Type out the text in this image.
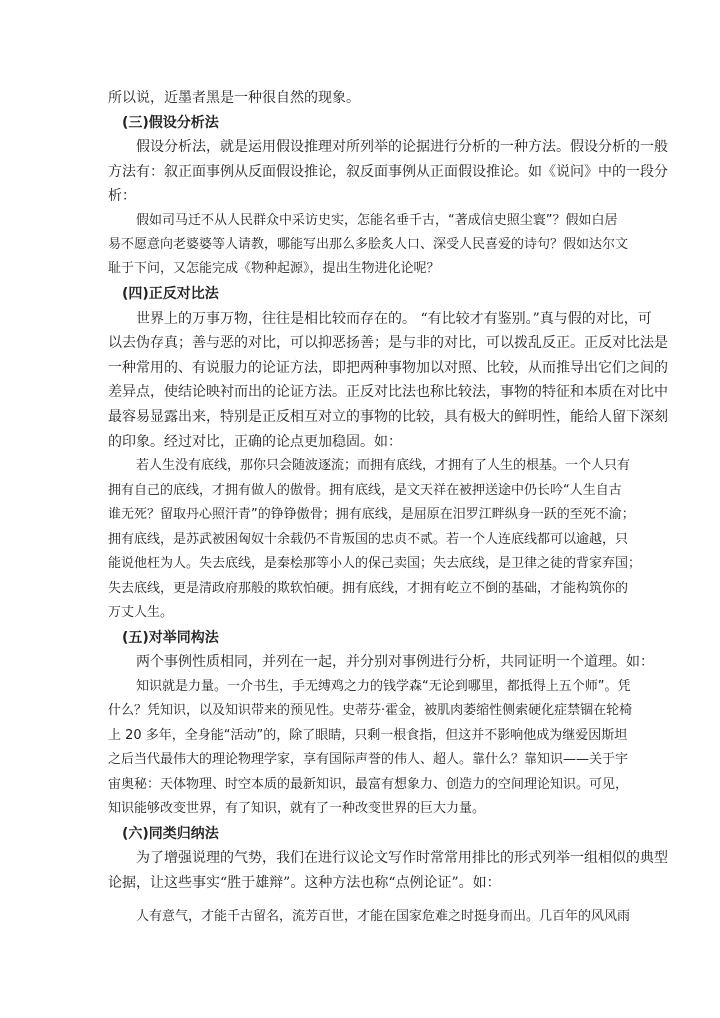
所以说，近墨者黑是一种很自然的现象。

(三)假设分析法

假设分析法，就是运用假设推理对所列举的论据进行分析的一种方法。假设分析的一般

方法有：叙正面事例从反面假设推论，叙反面事例从正面假设推论。如《说问》中的一段分

析：

假如司马迁不从人民群众中采访史实，怎能名垂千古，“著成信史照尘寰”？假如白居

易不愿意向老婆婆等人请教，哪能写出那么多脍炙人口、深受人民喜爱的诗句？假如达尔文

耻于下问，又怎能完成《物种起源》，提出生物进化论呢？

(四)正反对比法

世界上的万事万物，往往是相比较而存在的。 “有比较才有鉴别。”真与假的对比，可

以去伪存真；善与恶的对比，可以抑恶扬善；是与非的对比，可以拨乱反正。正反对比法是

一种常用的、有说服力的论证方法，即把两种事物加以对照、比较，从而推导出它们之间的

差异点，使结论映衬而出的论证方法。正反对比法也称比较法，事物的特征和本质在对比中

最容易显露出来，特别是正反相互对立的事物的比较，具有极大的鲜明性，能给人留下深刻

的印象。经过对比，正确的论点更加稳固。如：

若人生没有底线，那你只会随波逐流；而拥有底线，才拥有了人生的根基。一个人只有

拥有自己的底线，才拥有做人的傲骨。拥有底线，是文天祥在被押送途中仍长吟“人生自古

谁无死？留取丹心照汗青”的铮铮傲骨；拥有底线，是屈原在汨罗江畔纵身一跃的至死不渝；

拥有底线，是苏武被困匈奴十余载仍不肯叛国的忠贞不贰。若一个人连底线都可以逾越，只

能说他枉为人。失去底线，是秦桧那等小人的保己卖国；失去底线，是卫律之徒的背家弃国；

失去底线，更是清政府那般的欺软怕硬。拥有底线，才拥有屹立不倒的基础，才能构筑你的

万丈人生。

(五)对举同构法

两个事例性质相同，并列在一起，并分别对事例进行分析，共同证明一个道理。如：

知识就是力量。一介书生，手无缚鸡之力的钱学森“无论到哪里，都抵得上五个师”。凭

什么？凭知识，以及知识带来的预见性。史蒂芬·霍金，被肌肉萎缩性侧索硬化症禁锢在轮椅

上 20 多年，全身能“活动”的，除了眼睛，只剩一根食指，但这并不影响他成为继爱因斯坦

之后当代最伟大的理论物理学家，享有国际声誉的伟人、超人。靠什么？靠知识——关于宇

宙奥秘：天体物理、时空本质的最新知识，最富有想象力、创造力的空间理论知识。可见，

知识能够改变世界，有了知识，就有了一种改变世界的巨大力量。

(六)同类归纳法

为了增强说理的气势，我们在进行议论文写作时常常用排比的形式列举一组相似的典型

论据，让这些事实“胜于雄辩”。这种方法也称“点例论证”。如：

人有意气，才能千古留名，流芳百世，才能在国家危难之时挺身而出。几百年的风风雨
